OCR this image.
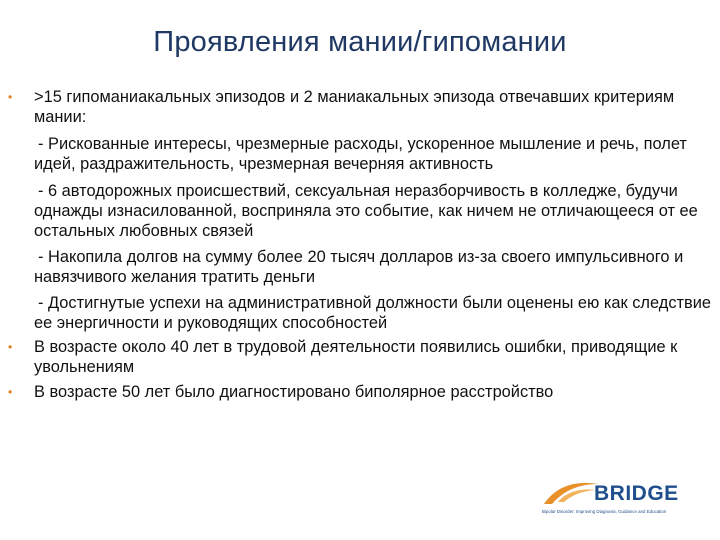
Проявления мании/гипомании
• >15 гипоманиакальных эпизодов и 2 маниакальных эпизода отвечавших критериям мании:
- Рискованные интересы, чрезмерные расходы, ускоренное мышление и речь, полет идей, раздражительность, чрезмерная вечерняя активность
- 6 автодорожных происшествий, сексуальная неразборчивость в колледже, будучи однажды изнасилованной, восприняла это событие, как ничем не отличающееся от ее остальных любовных связей
- Накопила долгов на сумму более 20 тысяч долларов из-за своего импульсивного и навязчивого желания тратить деньги
- Достигнутые успехи на административной должности были оценены ею как следствие ее энергичности и руководящих способностей
• В возрасте около 40 лет в трудовой деятельности появились ошибки, приводящие к увольнениям
• В возрасте 50 лет было диагностировано биполярное расстройство
BRIDGE
Bipolar Disorder: Improving Diagnosis, Guidance and Education
